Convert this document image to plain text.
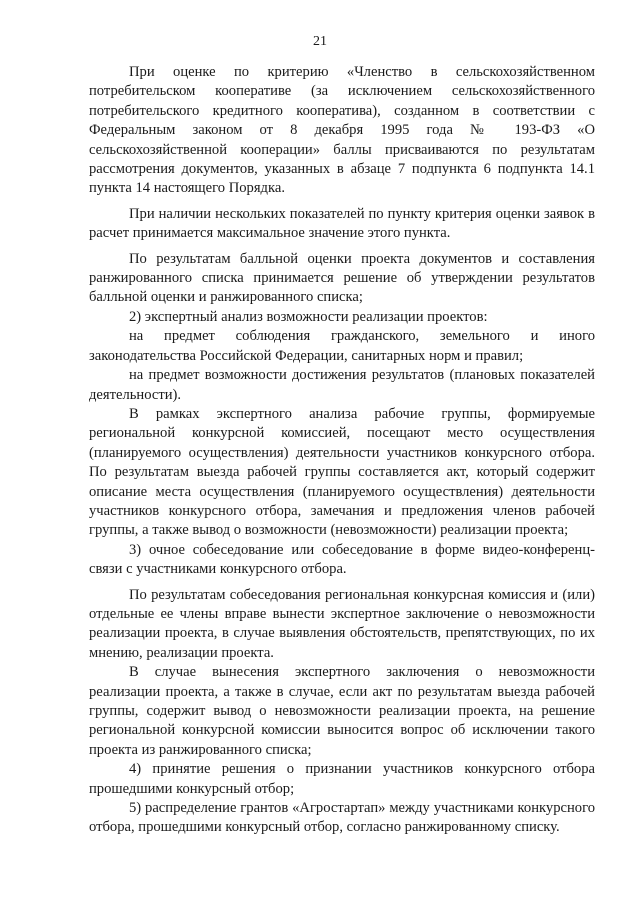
21

При оценке по критерию «Членство в сельскохозяйственном потребительском кооперативе (за исключением сельскохозяйственного потребительского кредитного кооператива), созданном в соответствии с Федеральным законом от 8 декабря 1995 года № 193-ФЗ «О сельскохозяйственной кооперации» баллы присваиваются по результатам рассмотрения документов, указанных в абзаце 7 подпункта 6 подпункта 14.1 пункта 14 настоящего Порядка.

При наличии нескольких показателей по пункту критерия оценки заявок в расчет принимается максимальное значение этого пункта.

По результатам балльной оценки проекта документов и составления ранжированного списка принимается решение об утверждении результатов балльной оценки и ранжированного списка;

2) экспертный анализ возможности реализации проектов:

на предмет соблюдения гражданского, земельного и иного законодательства Российской Федерации, санитарных норм и правил;

на предмет возможности достижения результатов (плановых показателей деятельности).

В рамках экспертного анализа рабочие группы, формируемые региональной конкурсной комиссией, посещают место осуществления (планируемого осуществления) деятельности участников конкурсного отбора. По результатам выезда рабочей группы составляется акт, который содержит описание места осуществления (планируемого осуществления) деятельности участников конкурсного отбора, замечания и предложения членов рабочей группы, а также вывод о возможности (невозможности) реализации проекта;

3) очное собеседование или собеседование в форме видео-конференц-связи с участниками конкурсного отбора.

По результатам собеседования региональная конкурсная комиссия и (или) отдельные ее члены вправе вынести экспертное заключение о невозможности реализации проекта, в случае выявления обстоятельств, препятствующих, по их мнению, реализации проекта.

В случае вынесения экспертного заключения о невозможности реализации проекта, а также в случае, если акт по результатам выезда рабочей группы, содержит вывод о невозможности реализации проекта, на решение региональной конкурсной комиссии выносится вопрос об исключении такого проекта из ранжированного списка;

4) принятие решения о признании участников конкурсного отбора прошедшими конкурсный отбор;

5) распределение грантов «Агростартап» между участниками конкурсного отбора, прошедшими конкурсный отбор, согласно ранжированному списку.
